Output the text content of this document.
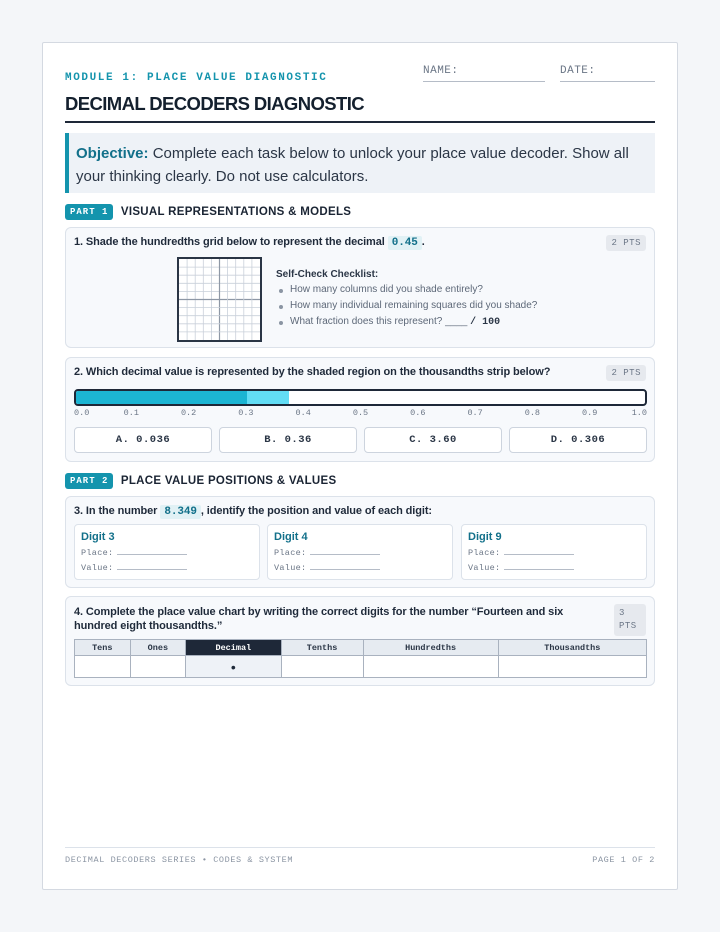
MODULE 1: PLACE VALUE DIAGNOSTIC
DECIMAL DECODERS DIAGNOSTIC
NAME:	DATE:
Objective: Complete each task below to unlock your place value decoder. Show all your thinking clearly. Do not use calculators.
PART 1 VISUAL REPRESENTATIONS & MODELS
1. Shade the hundredths grid below to represent the decimal 0.45 .	2 PTS
Self-Check Checklist:
How many columns did you shade entirely?
How many individual remaining squares did you shade?
What fraction does this represent? ____ / 100
2. Which decimal value is represented by the shaded region on the thousandths strip below?	2 PTS
0.0	0.1	0.2	0.3	0.4	0.5	0.6	0.7	0.8	0.9	1.0
A. 0.036	B. 0.36	C. 3.60	D. 0.306
PART 2 PLACE VALUE POSITIONS & VALUES
3. In the number 8.349 , identify the position and value of each digit:
Digit 3
Place:
Value:
Digit 4
Place:
Value:
Digit 9
Place:
Value:
4. Complete the place value chart by writing the correct digits for the number “Fourteen and six hundred eight thousandths.”
3 PTS
Tens	Ones	Decimal	Tenths	Hundredths	Thousandths
		•			
DECIMAL DECODERS SERIES • CODES & SYSTEM	PAGE 1 OF 2
